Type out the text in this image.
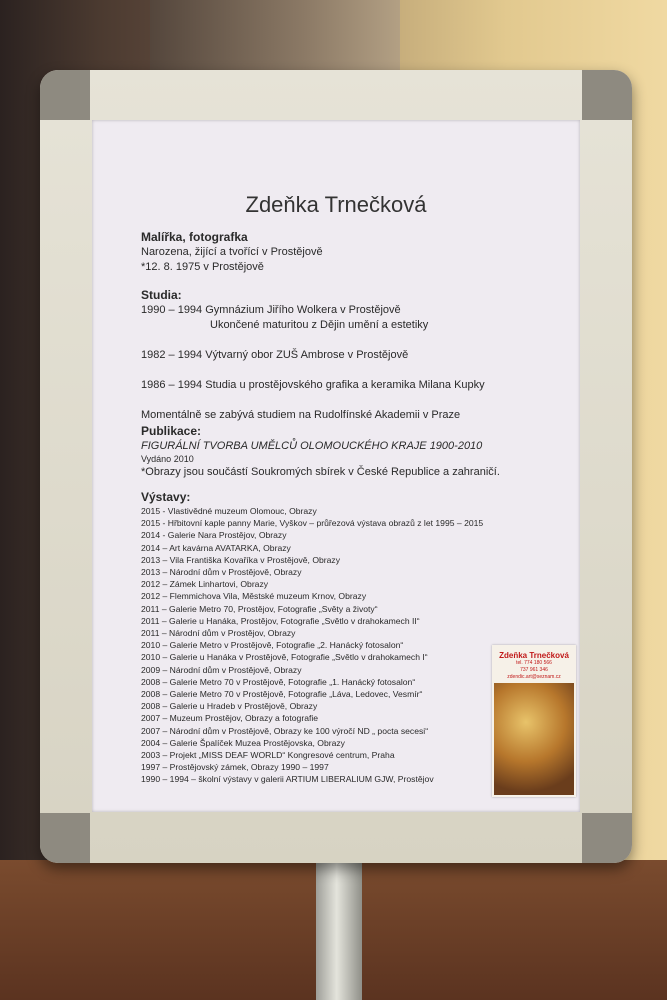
Zdeňka Trnečková
Malířka, fotografka
Narozena, žijící a tvořící v Prostějově
*12. 8. 1975 v Prostějově
Studia:
1990 – 1994 Gymnázium Jiřího Wolkera v Prostějově
Ukončené maturitou z Dějin umění a estetiky
1982 – 1994 Výtvarný obor ZUŠ Ambrose v Prostějově
1986 – 1994 Studia u prostějovského grafika a keramika Milana Kupky
Momentálně se zabývá studiem na Rudolfínské Akademii v Praze
Publikace:
FIGURÁLNÍ TVORBA UMĚLCŮ OLOMOUCKÉHO KRAJE 1900-2010
Vydáno 2010
*Obrazy jsou součástí Soukromých sbírek v České Republice a zahraničí.
Výstavy:
2015 - Vlastivědné muzeum Olomouc, Obrazy
2015 - Hřbitovní kaple panny Marie, Vyškov – průřezová výstava obrazů z let 1995 – 2015
2014 - Galerie Nara Prostějov, Obrazy
2014 – Art kavárna AVATARKA, Obrazy
2013 – Vila Františka Kovaříka v Prostějově, Obrazy
2013 – Národní dům v Prostějově, Obrazy
2012 – Zámek Linhartovi, Obrazy
2012 – Flemmichova Vila, Městské muzeum Krnov, Obrazy
2011 – Galerie Metro 70, Prostějov, Fotografie „Světy a životy“
2011 – Galerie u Hanáka, Prostějov, Fotografie „Světlo v drahokamech II“
2011 – Národní dům v Prostějov, Obrazy
2010 – Galerie Metro v Prostějově, Fotografie „2. Hanácký fotosalon“
2010 – Galerie u Hanáka v Prostějově, Fotografie „Světlo v drahokamech I“
2009 – Národní dům v Prostějově, Obrazy
2008 – Galerie Metro 70 v Prostějově, Fotografie „1. Hanácký fotosalon“
2008 – Galerie Metro 70 v Prostějově, Fotografie „Láva, Ledovec, Vesmír“
2008 – Galerie u Hradeb v Prostějově, Obrazy
2007 – Muzeum Prostějov, Obrazy a fotografie
2007 – Národní dům v Prostějově, Obrazy ke 100 výročí ND „ pocta secesi“
2004 – Galerie Špalíček Muzea Prostějovska, Obrazy
2003 – Projekt „MISS DEAF WORLD“ Kongresové centrum, Praha
1997 – Prostějovský zámek, Obrazy 1990 – 1997
1990 – 1994 – školní výstavy v galerii ARTIUM LIBERALIUM GJW, Prostějov
Zdeňka Trnečková
tel. 774 180 566
737 961 346
zdendic.art@seznam.cz
